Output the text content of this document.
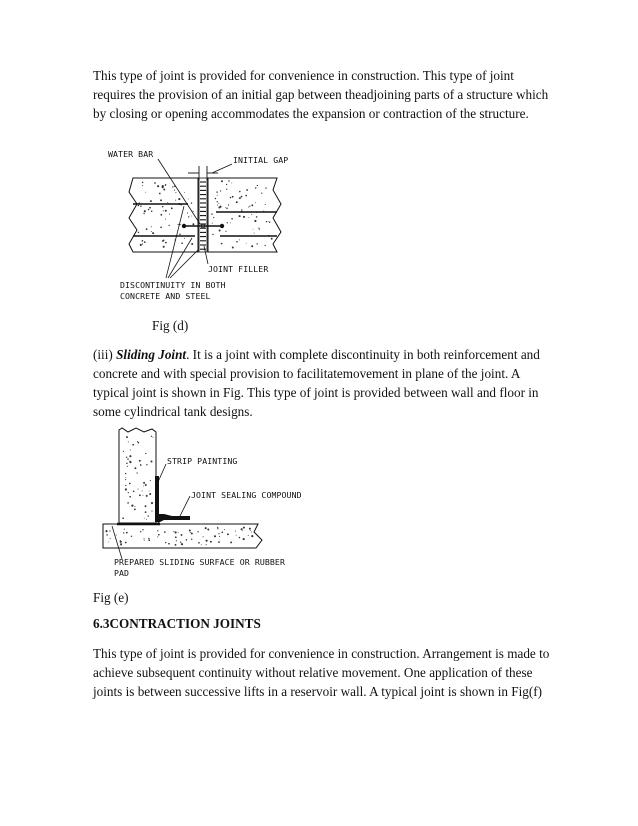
This type of joint is provided for convenience in construction. This type of joint requires the provision of an initial gap between theadjoining parts of a structure which by closing or opening accommodates the expansion or contraction of the structure.

WATER BAR
INITIAL GAP
JOINT FILLER
DISCONTINUITY IN BOTH
CONCRETE AND STEEL
Fig (d)

(iii) Sliding Joint. It is a joint with complete discontinuity in both reinforcement and concrete and with special provision to facilitatemovement in plane of the joint. A typical joint is shown in Fig. This type of joint is provided between wall and floor in some cylindrical tank designs.

STRIP PAINTING
JOINT SEALING COMPOUND
PREPARED SLIDING SURFACE OR RUBBER
PAD
Fig (e)
6.3CONTRACTION JOINTS

This type of joint is provided for convenience in construction. Arrangement is made to achieve subsequent continuity without relative movement. One application of these joints is between successive lifts in a reservoir wall. A typical joint is shown in Fig(f)
